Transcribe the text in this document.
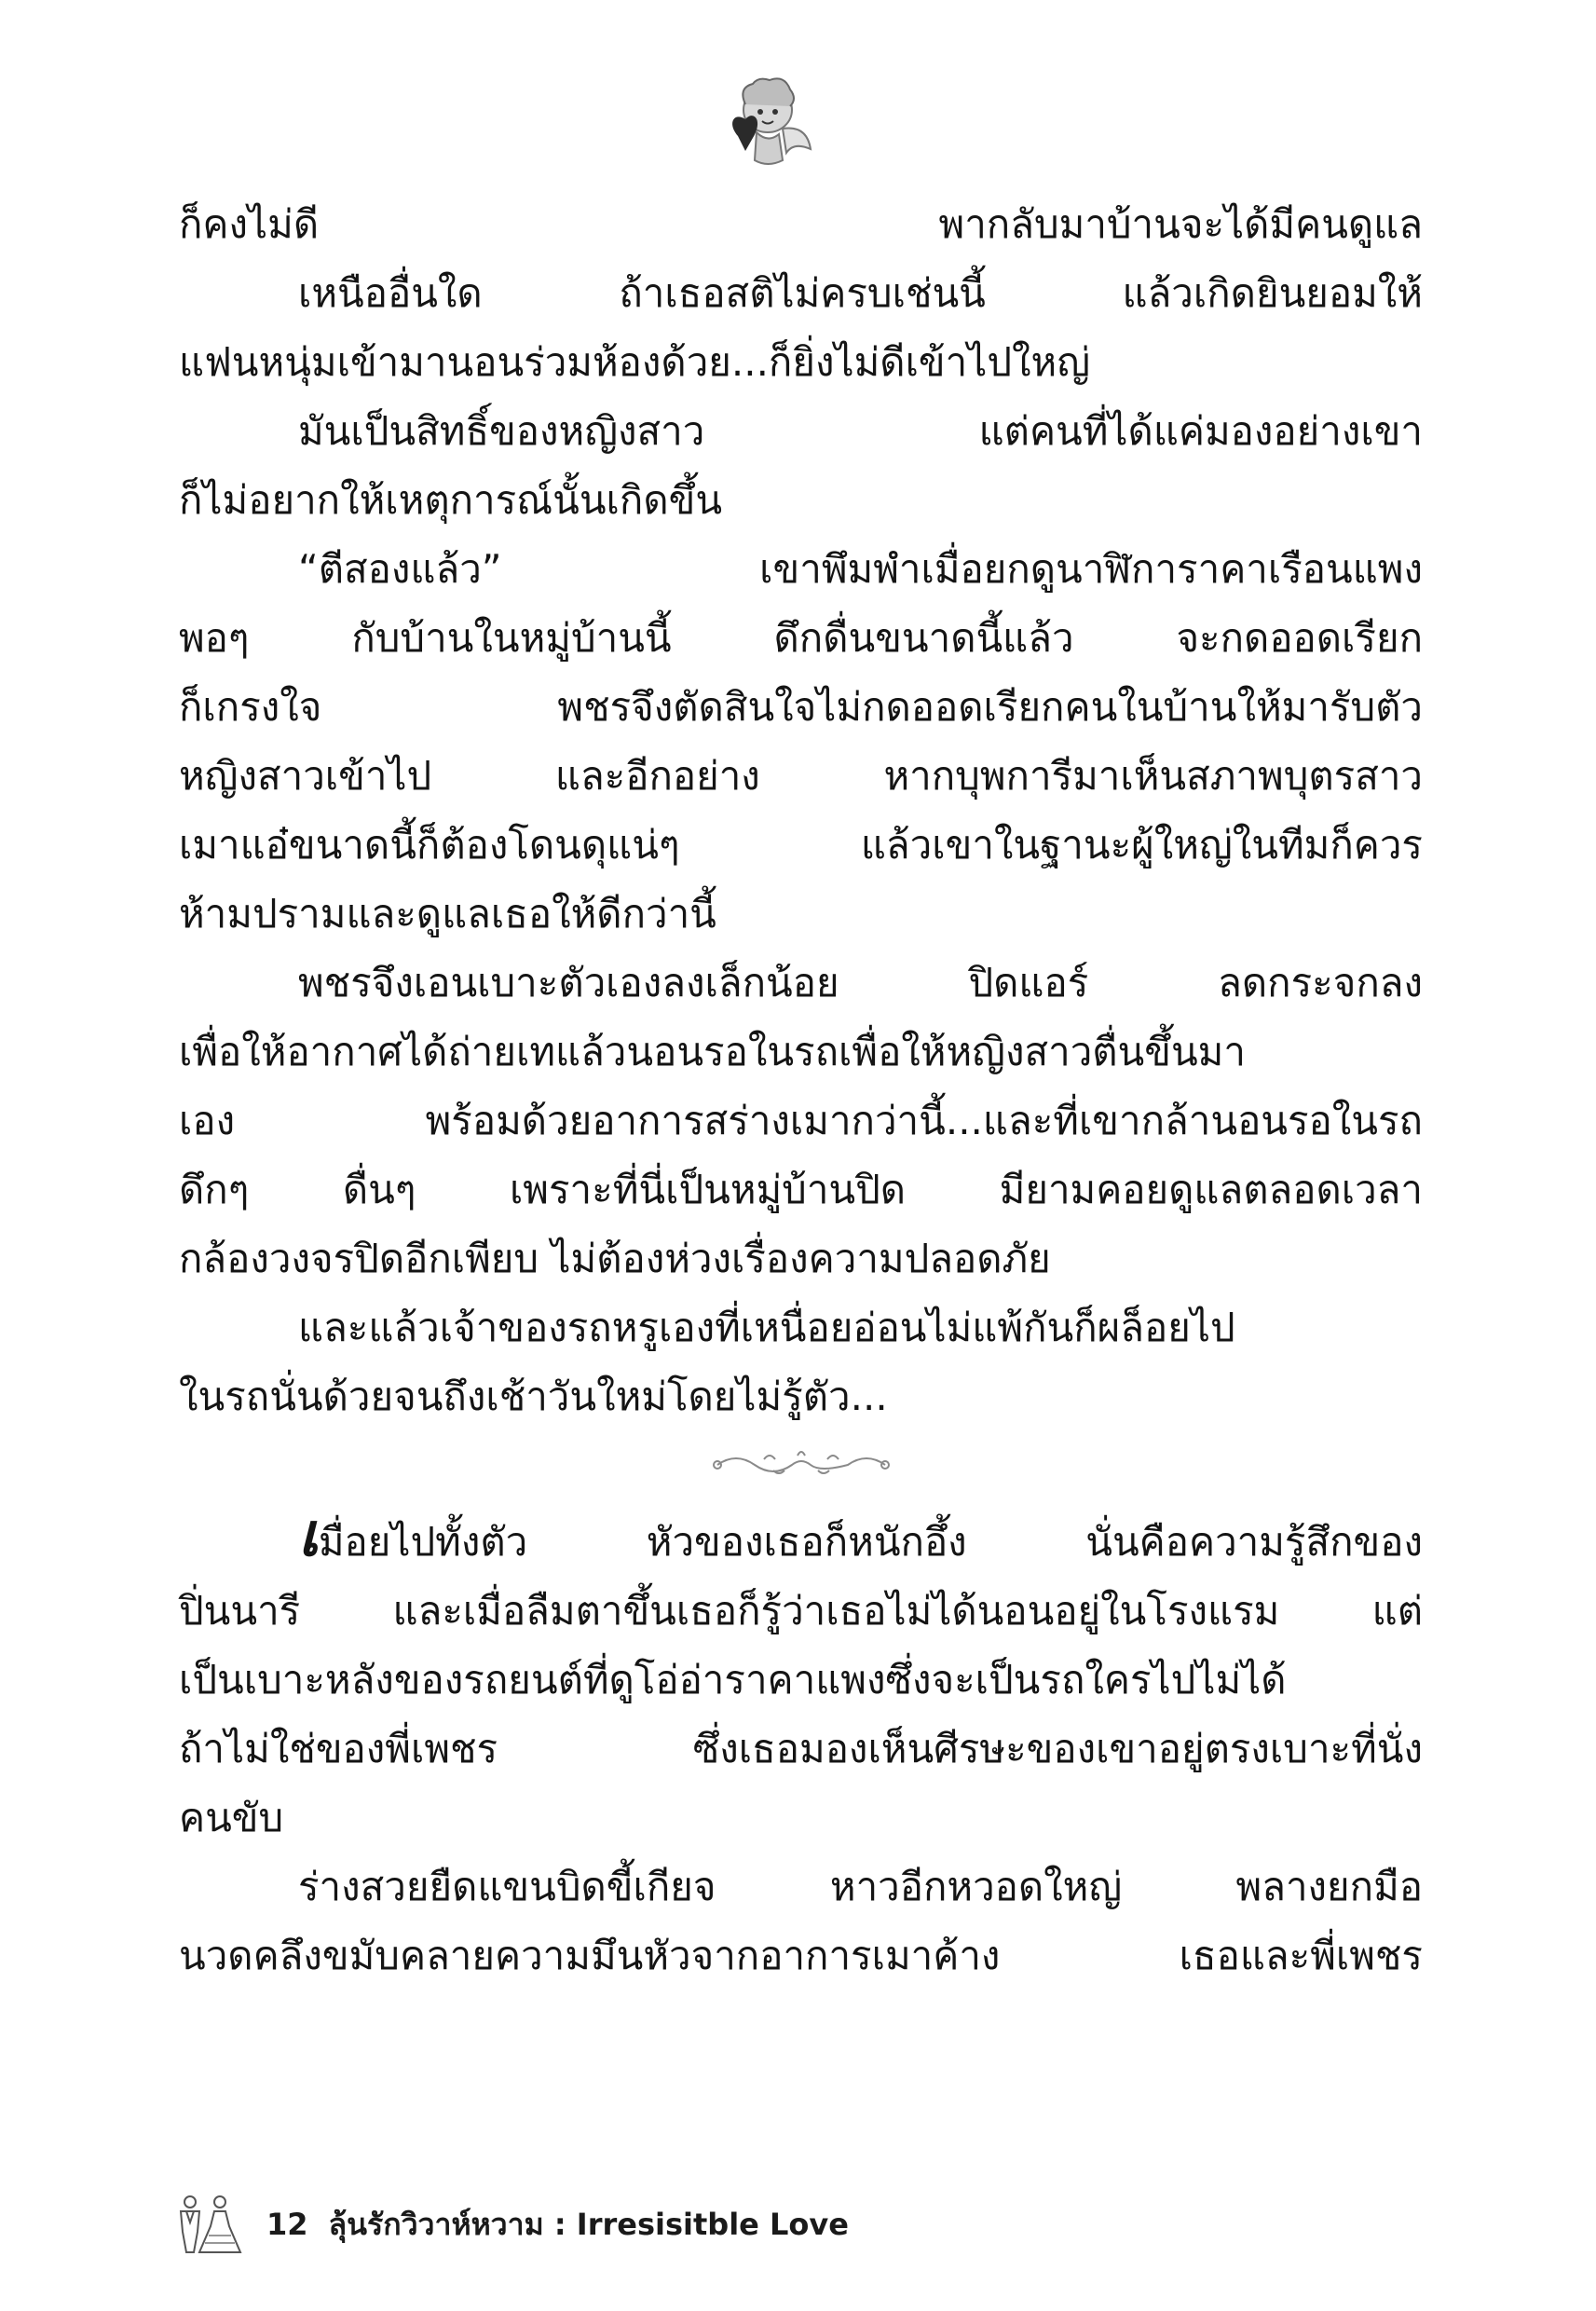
ก็คงไม่ดี พากลับมาบ้านจะได้มีคนดูแล
เหนืออื่นใด ถ้าเธอสติไม่ครบเช่นนี้ แล้วเกิดยินยอมให้
แฟนหนุ่มเข้ามานอนร่วมห้องด้วย...ก็ยิ่งไม่ดีเข้าไปใหญ่
มันเป็นสิทธิ์ของหญิงสาว แต่คนที่ได้แค่มองอย่างเขา
ก็ไม่อยากให้เหตุการณ์นั้นเกิดขึ้น
“ตีสองแล้ว” เขาพึมพำเมื่อยกดูนาฬิการาคาเรือนแพง
พอๆ กับบ้านในหมู่บ้านนี้ ดึกดื่นขนาดนี้แล้ว จะกดออดเรียก
ก็เกรงใจ พชรจึงตัดสินใจไม่กดออดเรียกคนในบ้านให้มารับตัว
หญิงสาวเข้าไป และอีกอย่าง หากบุพการีมาเห็นสภาพบุตรสาว
เมาแอ๋ขนาดนี้ก็ต้องโดนดุแน่ๆ แล้วเขาในฐานะผู้ใหญ่ในทีมก็ควร
ห้ามปรามและดูแลเธอให้ดีกว่านี้
พชรจึงเอนเบาะตัวเองลงเล็กน้อย ปิดแอร์ ลดกระจกลง
เพื่อให้อากาศได้ถ่ายเทแล้วนอนรอในรถเพื่อให้หญิงสาวตื่นขึ้นมา
เอง พร้อมด้วยอาการสร่างเมากว่านี้...และที่เขากล้านอนรอในรถ
ดึกๆ ดื่นๆ เพราะที่นี่เป็นหมู่บ้านปิด มียามคอยดูแลตลอดเวลา
กล้องวงจรปิดอีกเพียบ ไม่ต้องห่วงเรื่องความปลอดภัย
และแล้วเจ้าของรถหรูเองที่เหนื่อยอ่อนไม่แพ้กันก็ผล็อยไป
ในรถนั่นด้วยจนถึงเช้าวันใหม่โดยไม่รู้ตัว...
เมื่อยไปทั้งตัว หัวของเธอก็หนักอึ้ง นั่นคือความรู้สึกของ
ปิ่นนารี และเมื่อลืมตาขึ้นเธอก็รู้ว่าเธอไม่ได้นอนอยู่ในโรงแรม แต่
เป็นเบาะหลังของรถยนต์ที่ดูโอ่อ่าราคาแพงซึ่งจะเป็นรถใครไปไม่ได้
ถ้าไม่ใช่ของพี่เพชร ซึ่งเธอมองเห็นศีรษะของเขาอยู่ตรงเบาะที่นั่ง
คนขับ
ร่างสวยยืดแขนบิดขี้เกียจ หาวอีกหวอดใหญ่ พลางยกมือ
นวดคลึงขมับคลายความมึนหัวจากอาการเมาค้าง เธอและพี่เพชร
12 ลุ้นรักวิวาห์หวาม : Irresisitble Love
